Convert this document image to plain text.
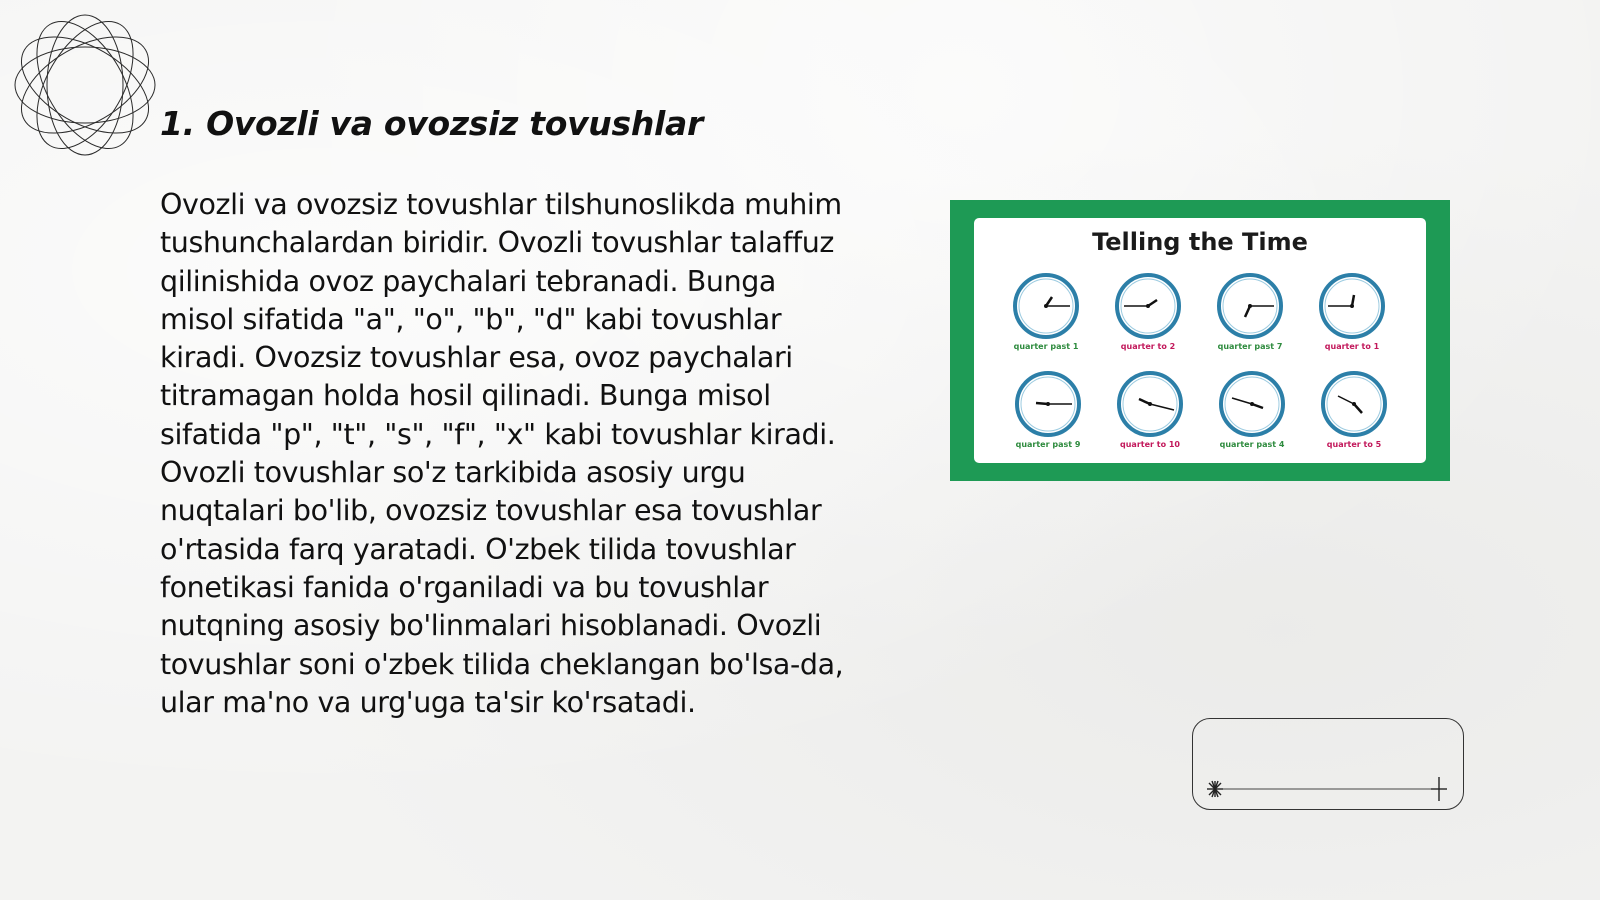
1. Ovozli va ovozsiz tovushlar

Ovozli va ovozsiz tovushlar tilshunoslikda muhim tushunchalardan biridir. Ovozli tovushlar talaffuz qilinishida ovoz paychalari tebranadi. Bunga misol sifatida "a", "o", "b", "d" kabi tovushlar kiradi. Ovozsiz tovushlar esa, ovoz paychalari titramagan holda hosil qilinadi. Bunga misol sifatida "p", "t", "s", "f", "x" kabi tovushlar kiradi. Ovozli tovushlar so'z tarkibida asosiy urgu nuqtalari bo'lib, ovozsiz tovushlar esa tovushlar o'rtasida farq yaratadi. O'zbek tilida tovushlar fonetikasi fanida o'rganiladi va bu tovushlar nutqning asosiy bo'linmalari hisoblanadi. Ovozli tovushlar soni o'zbek tilida cheklangan bo'lsa-da, ular ma'no va urg'uga ta'sir ko'rsatadi.

Telling the Time
quarter past 1	quarter to 2	quarter past 7	quarter to 1
quarter past 9	quarter to 10	quarter past 4	quarter to 5
